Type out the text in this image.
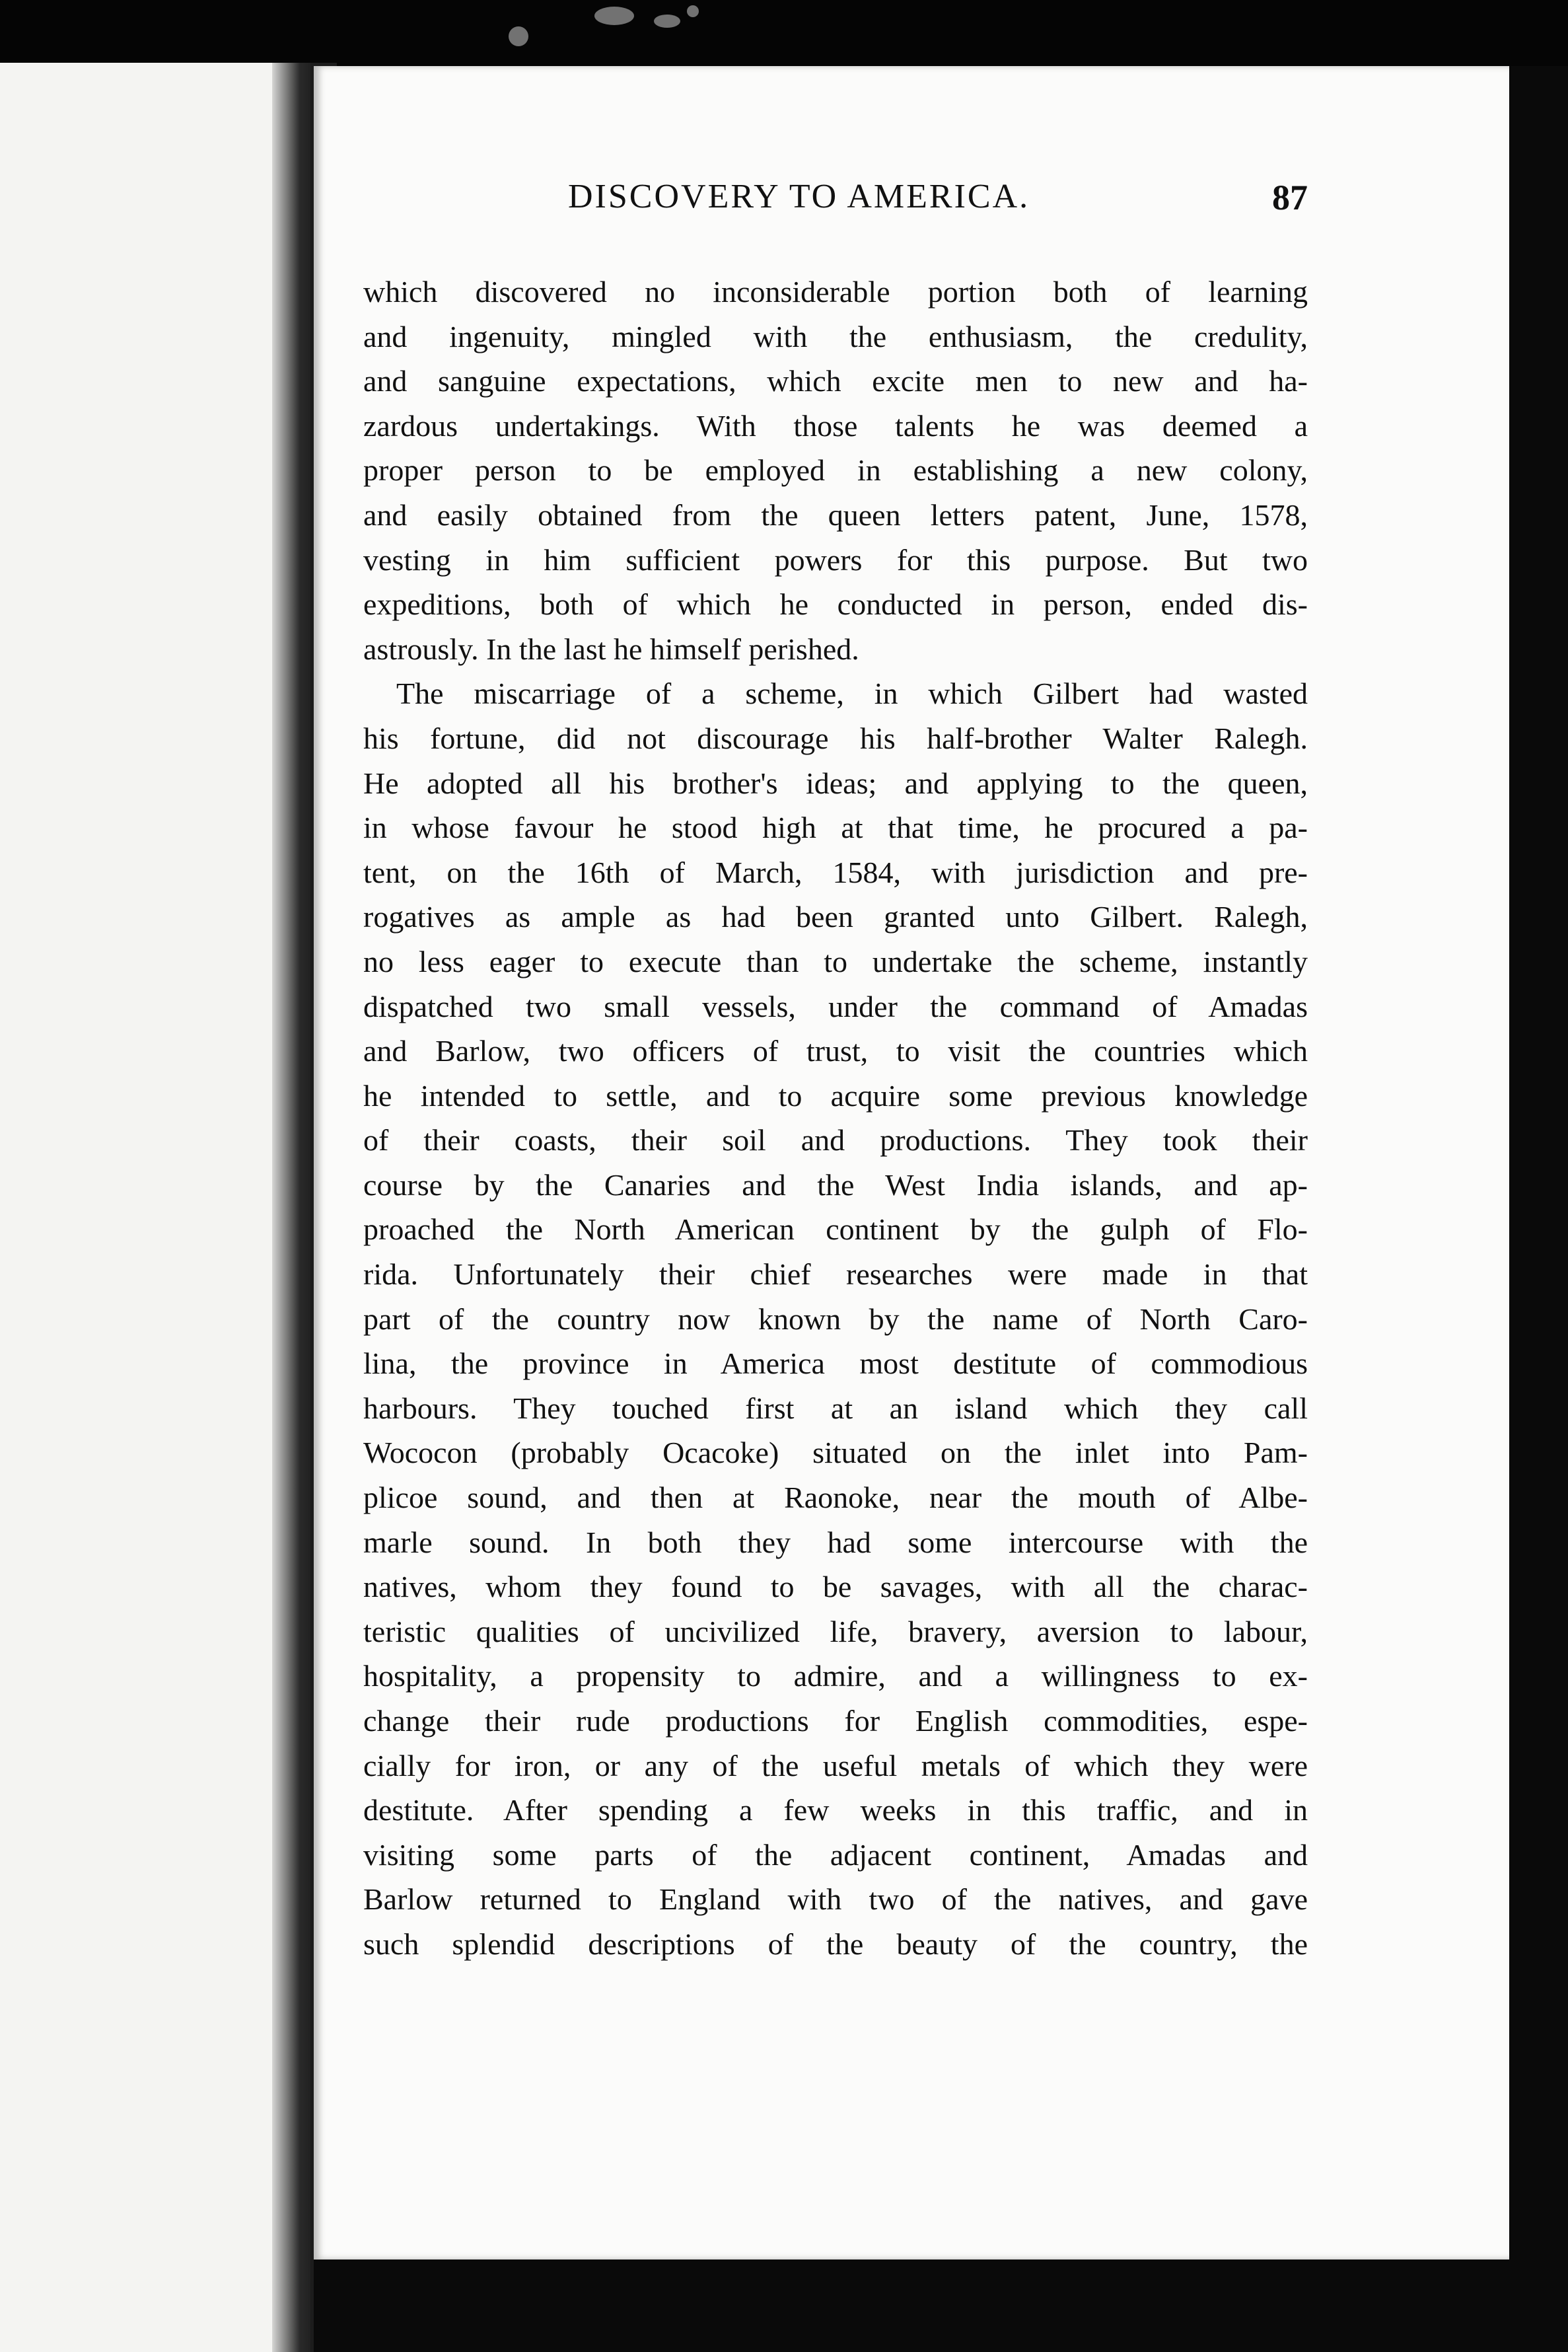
DISCOVERY TO AMERICA.	87
which discovered no inconsiderable portion both of learning
and ingenuity, mingled with the enthusiasm, the credulity,
and sanguine expectations, which excite men to new and ha-
zardous undertakings. With those talents he was deemed a
proper person to be employed in establishing a new colony,
and easily obtained from the queen letters patent, June, 1578,
vesting in him sufficient powers for this purpose. But two
expeditions, both of which he conducted in person, ended dis-
astrously. In the last he himself perished.
The miscarriage of a scheme, in which Gilbert had wasted
his fortune, did not discourage his half-brother Walter Ralegh.
He adopted all his brother's ideas; and applying to the queen,
in whose favour he stood high at that time, he procured a pa-
tent, on the 16th of March, 1584, with jurisdiction and pre-
rogatives as ample as had been granted unto Gilbert. Ralegh,
no less eager to execute than to undertake the scheme, instantly
dispatched two small vessels, under the command of Amadas
and Barlow, two officers of trust, to visit the countries which
he intended to settle, and to acquire some previous knowledge
of their coasts, their soil and productions. They took their
course by the Canaries and the West India islands, and ap-
proached the North American continent by the gulph of Flo-
rida. Unfortunately their chief researches were made in that
part of the country now known by the name of North Caro-
lina, the province in America most destitute of commodious
harbours. They touched first at an island which they call
Wococon (probably Ocacoke) situated on the inlet into Pam-
plicoe sound, and then at Raonoke, near the mouth of Albe-
marle sound. In both they had some intercourse with the
natives, whom they found to be savages, with all the charac-
teristic qualities of uncivilized life, bravery, aversion to labour,
hospitality, a propensity to admire, and a willingness to ex-
change their rude productions for English commodities, espe-
cially for iron, or any of the useful metals of which they were
destitute. After spending a few weeks in this traffic, and in
visiting some parts of the adjacent continent, Amadas and
Barlow returned to England with two of the natives, and gave
such splendid descriptions of the beauty of the country, the
